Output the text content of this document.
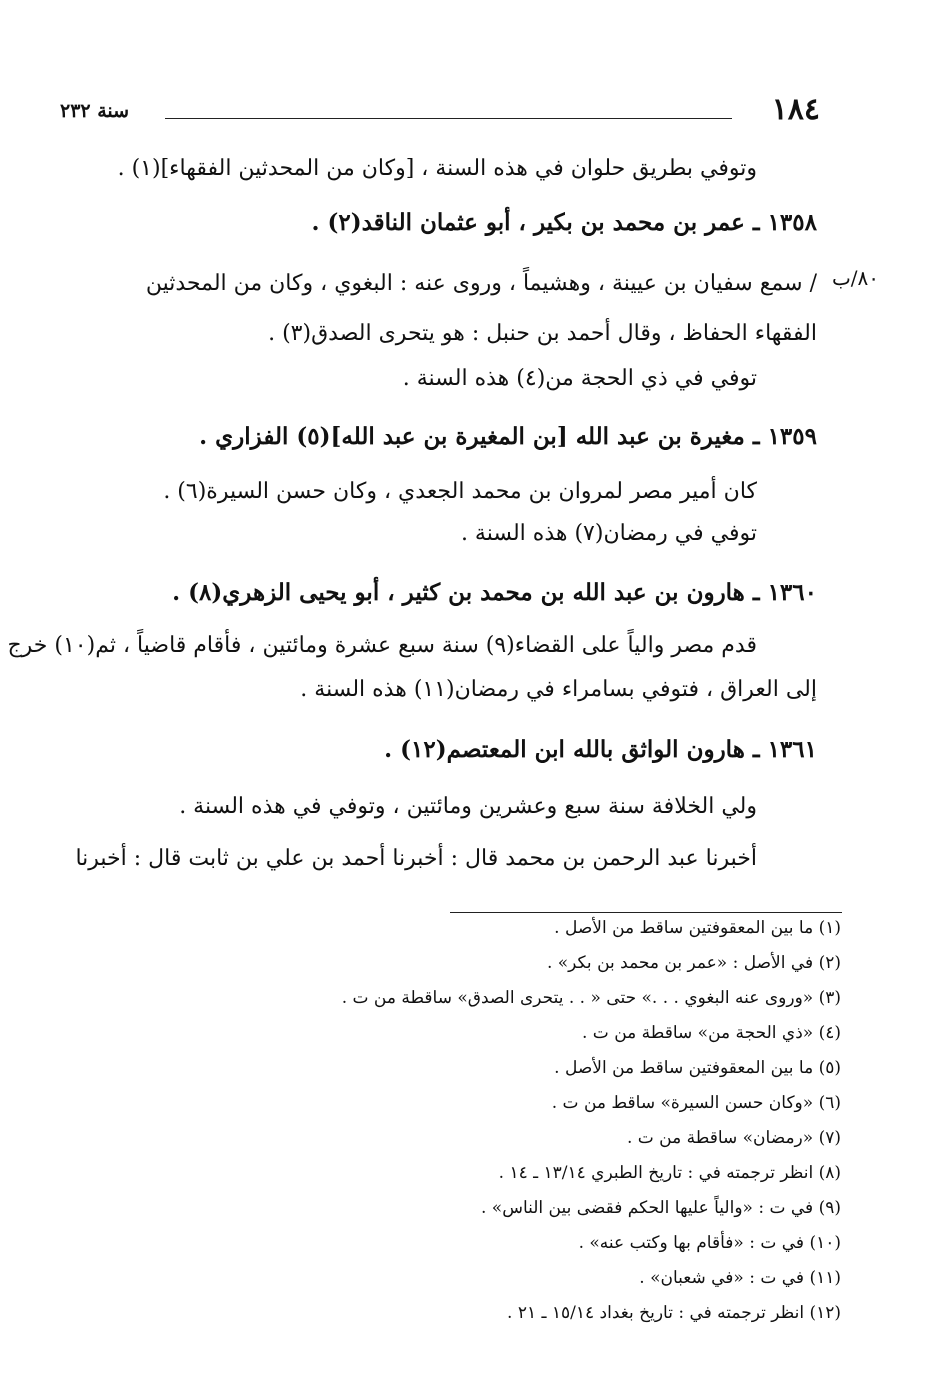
١٨٤
سنة ٢٣٢
٨٠/ب
وتوفي بطريق حلوان في هذه السنة ، [وكان من المحدثين الفقهاء](١) .
١٣٥٨ ـ عمر بن محمد بن بكير ، أبو عثمان الناقد(٢) .
/ سمع سفيان بن عيينة ، وهشيماً ، وروى عنه : البغوي ، وكان من المحدثين
الفقهاء الحفاظ ، وقال أحمد بن حنبل : هو يتحرى الصدق(٣) .
توفي في ذي الحجة من(٤) هذه السنة .
١٣٥٩ ـ مغيرة بن عبد الله [بن المغيرة بن عبد الله](٥) الفزاري .
كان أمير مصر لمروان بن محمد الجعدي ، وكان حسن السيرة(٦) .
توفي في رمضان(٧) هذه السنة .
١٣٦٠ ـ هارون بن عبد الله بن محمد بن كثير ، أبو يحيى الزهري(٨) .
قدم مصر والياً على القضاء(٩) سنة سبع عشرة ومائتين ، فأقام قاضياً ، ثم(١٠) خرج
إلى العراق ، فتوفي بسامراء في رمضان(١١) هذه السنة .
١٣٦١ ـ هارون الواثق بالله ابن المعتصم(١٢) .
ولي الخلافة سنة سبع وعشرين ومائتين ، وتوفي في هذه السنة .
أخبرنا عبد الرحمن بن محمد قال : أخبرنا أحمد بن علي بن ثابت قال : أخبرنا
(١) ما بين المعقوفتين ساقط من الأصل .
(٢) في الأصل : «عمر بن محمد بن بكر» .
(٣) «وروى عنه البغوي . . .» حتى « . . يتحرى الصدق» ساقطة من ت .
(٤) «ذي الحجة من» ساقطة من ت .
(٥) ما بين المعقوفتين ساقط من الأصل .
(٦) «وكان حسن السيرة» ساقط من ت .
(٧) «رمضان» ساقطة من ت .
(٨) انظر ترجمته في : تاريخ الطبري ١٣/١٤ ـ ١٤ .
(٩) في ت : «والياً عليها الحكم فقضى بين الناس» .
(١٠) في ت : «فأقام بها وكتب عنه» .
(١١) في ت : «في شعبان» .
(١٢) انظر ترجمته في : تاريخ بغداد ١٥/١٤ ـ ٢١ .
